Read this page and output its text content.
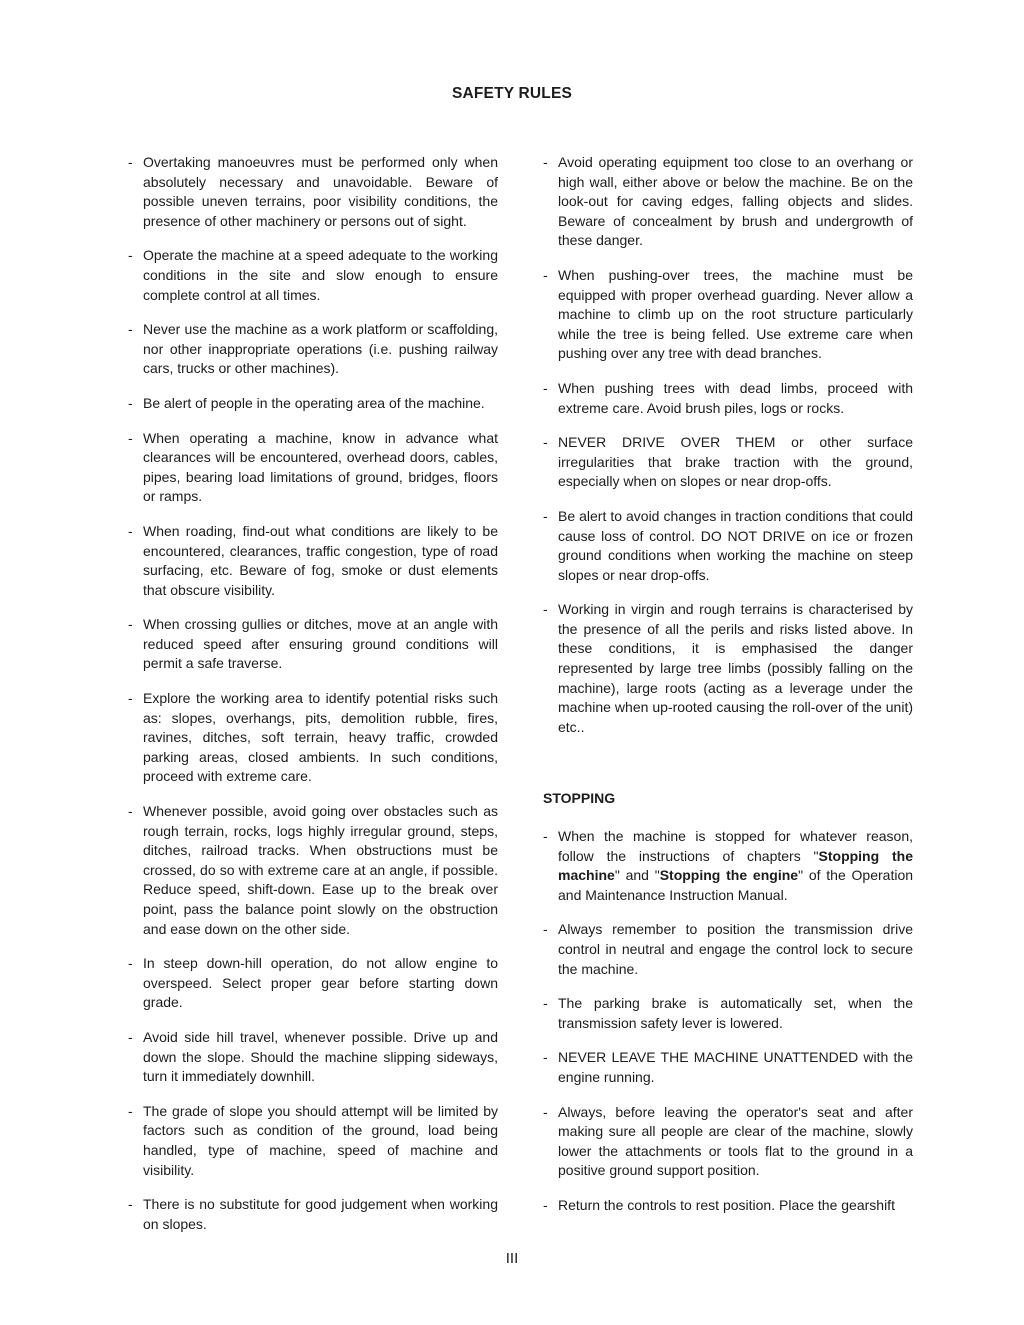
SAFETY RULES
- Overtaking manoeuvres must be performed only when absolutely necessary and unavoidable. Beware of possible uneven terrains, poor visibility conditions, the presence of other machinery or persons out of sight.
- Operate the machine at a speed adequate to the working conditions in the site and slow enough to ensure complete control at all times.
- Never use the machine as a work platform or scaffolding, nor other inappropriate operations (i.e. pushing railway cars, trucks or other machines).
- Be alert of people in the operating area of the machine.
- When operating a machine, know in advance what clearances will be encountered, overhead doors, cables, pipes, bearing load limitations of ground, bridges, floors or ramps.
- When roading, find-out what conditions are likely to be encountered, clearances, traffic congestion, type of road surfacing, etc. Beware of fog, smoke or dust elements that obscure visibility.
- When crossing gullies or ditches, move at an angle with reduced speed after ensuring ground conditions will permit a safe traverse.
- Explore the working area to identify potential risks such as: slopes, overhangs, pits, demolition rubble, fires, ravines, ditches, soft terrain, heavy traffic, crowded parking areas, closed ambients. In such conditions, proceed with extreme care.
- Whenever possible, avoid going over obstacles such as rough terrain, rocks, logs highly irregular ground, steps, ditches, railroad tracks. When obstructions must be crossed, do so with extreme care at an angle, if possible. Reduce speed, shift-down. Ease up to the break over point, pass the balance point slowly on the obstruction and ease down on the other side.
- In steep down-hill operation, do not allow engine to overspeed. Select proper gear before starting down grade.
- Avoid side hill travel, whenever possible. Drive up and down the slope. Should the machine slipping sideways, turn it immediately downhill.
- The grade of slope you should attempt will be limited by factors such as condition of the ground, load being handled, type of machine, speed of machine and visibility.
- There is no substitute for good judgement when working on slopes.
- Avoid operating equipment too close to an overhang or high wall, either above or below the machine. Be on the look-out for caving edges, falling objects and slides. Beware of concealment by brush and undergrowth of these danger.
- When pushing-over trees, the machine must be equipped with proper overhead guarding. Never allow a machine to climb up on the root structure particularly while the tree is being felled. Use extreme care when pushing over any tree with dead branches.
- When pushing trees with dead limbs, proceed with extreme care. Avoid brush piles, logs or rocks.
- NEVER DRIVE OVER THEM or other surface irregularities that brake traction with the ground, especially when on slopes or near drop-offs.
- Be alert to avoid changes in traction conditions that could cause loss of control. DO NOT DRIVE on ice or frozen ground conditions when working the machine on steep slopes or near drop-offs.
- Working in virgin and rough terrains is characterised by the presence of all the perils and risks listed above. In these conditions, it is emphasised the danger represented by large tree limbs (possibly falling on the machine), large roots (acting as a leverage under the machine when up-rooted causing the roll-over of the unit) etc..
STOPPING
- When the machine is stopped for whatever reason, follow the instructions of chapters "Stopping the machine" and "Stopping the engine" of the Operation and Maintenance Instruction Manual.
- Always remember to position the transmission drive control in neutral and engage the control lock to secure the machine.
- The parking brake is automatically set, when the transmission safety lever is lowered.
- NEVER LEAVE THE MACHINE UNATTENDED with the engine running.
- Always, before leaving the operator's seat and after making sure all people are clear of the machine, slowly lower the attachments or tools flat to the ground in a positive ground support position.
- Return the controls to rest position. Place the gearshift

III
